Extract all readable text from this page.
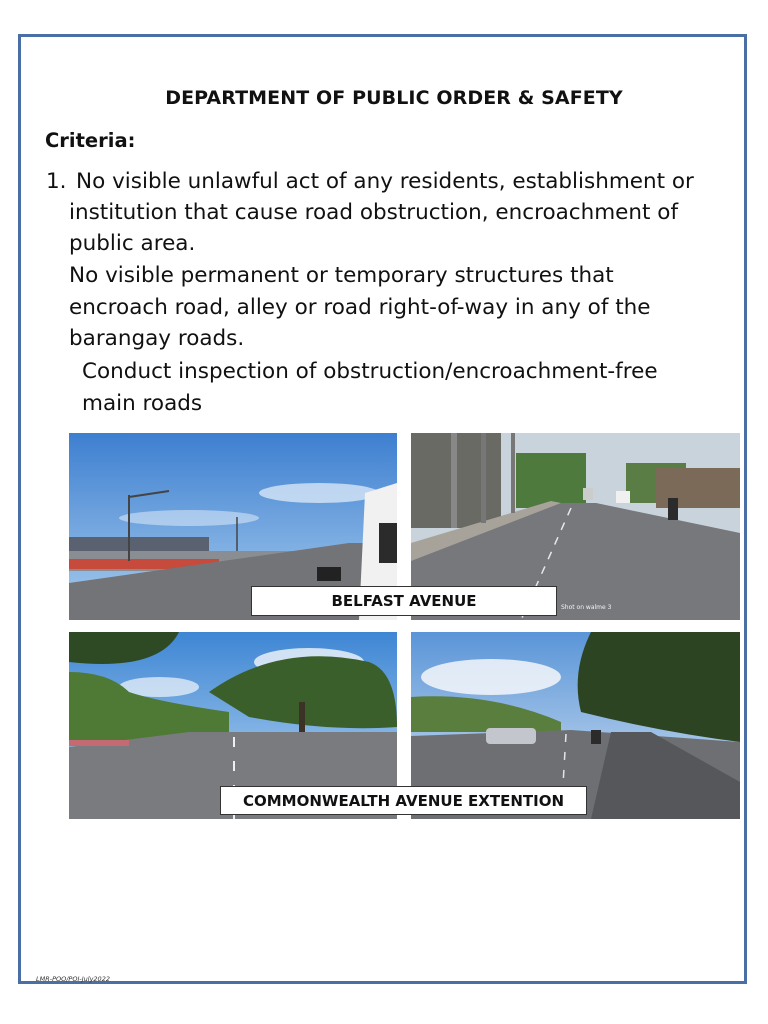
DEPARTMENT OF PUBLIC ORDER & SAFETY
Criteria:
1. No visible unlawful act of any residents, establishment or
institution that cause road obstruction, encroachment of
public area.
No visible permanent or temporary structures that
encroach road, alley or road right-of-way in any of the
barangay roads.
Conduct inspection of obstruction/encroachment-free
main roads
Shot on walme 3
BELFAST AVENUE
COMMONWEALTH AVENUE EXTENTION
LMR-POO/POI-July2022
